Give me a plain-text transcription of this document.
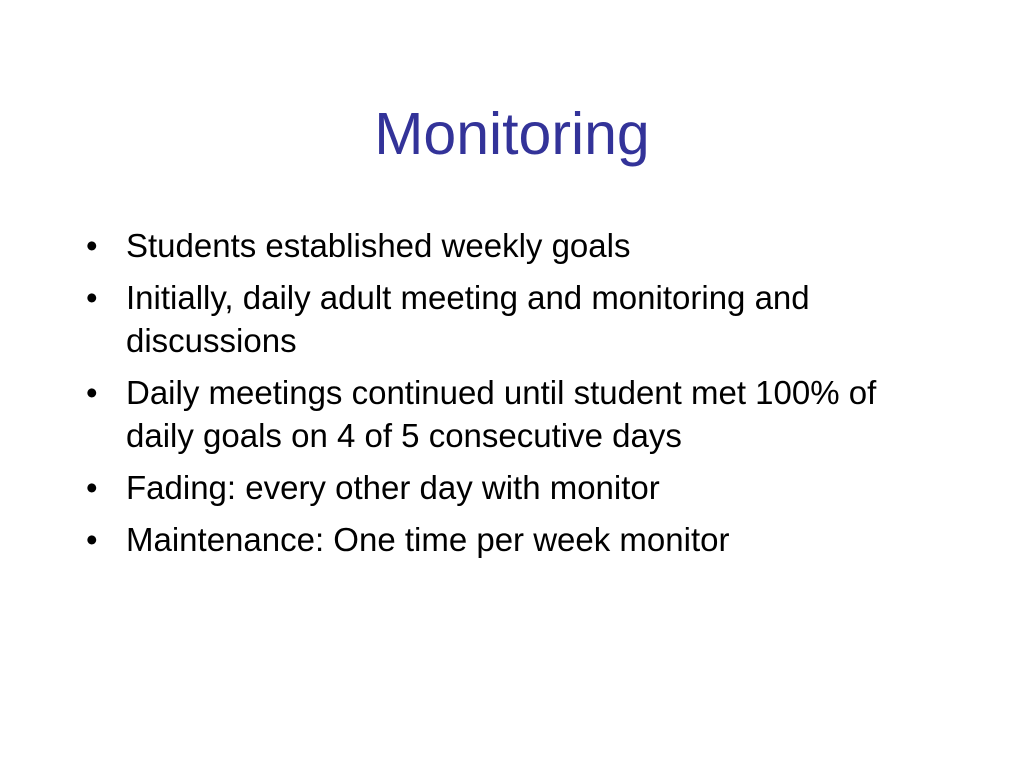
Monitoring
• Students established weekly goals
• Initially, daily adult meeting and monitoring and discussions
• Daily meetings continued until student met 100% of daily goals on 4 of 5 consecutive days
• Fading: every other day with monitor
• Maintenance: One time per week monitor
